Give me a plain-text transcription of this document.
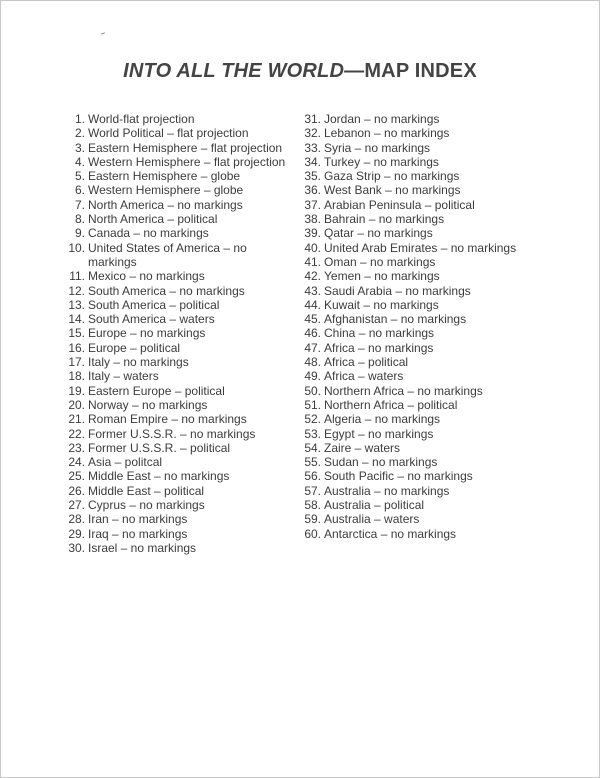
INTO ALL THE WORLD—MAP INDEX
1. World-flat projection
2. World Political – flat projection
3. Eastern Hemisphere – flat projection
4. Western Hemisphere – flat projection
5. Eastern Hemisphere – globe
6. Western Hemisphere – globe
7. North America – no markings
8. North America – political
9. Canada – no markings
10. United States of America – no markings
11. Mexico – no markings
12. South America – no markings
13. South America – political
14. South America – waters
15. Europe – no markings
16. Europe – political
17. Italy – no markings
18. Italy – waters
19. Eastern Europe – political
20. Norway – no markings
21. Roman Empire – no markings
22. Former U.S.S.R. – no markings
23. Former U.S.S.R. – political
24. Asia – politcal
25. Middle East – no markings
26. Middle East – political
27. Cyprus – no markings
28. Iran – no markings
29. Iraq – no markings
30. Israel – no markings
31. Jordan – no markings
32. Lebanon – no markings
33. Syria – no markings
34. Turkey – no markings
35. Gaza Strip – no markings
36. West Bank – no markings
37. Arabian Peninsula – political
38. Bahrain – no markings
39. Qatar – no markings
40. United Arab Emirates – no markings
41. Oman – no markings
42. Yemen – no markings
43. Saudi Arabia – no markings
44. Kuwait – no markings
45. Afghanistan – no markings
46. China – no markings
47. Africa – no markings
48. Africa – political
49. Africa – waters
50. Northern Africa – no markings
51. Northern Africa – political
52. Algeria – no markings
53. Egypt – no markings
54. Zaire – waters
55. Sudan – no markings
56. South Pacific – no markings
57. Australia – no markings
58. Australia – political
59. Australia – waters
60. Antarctica – no markings
